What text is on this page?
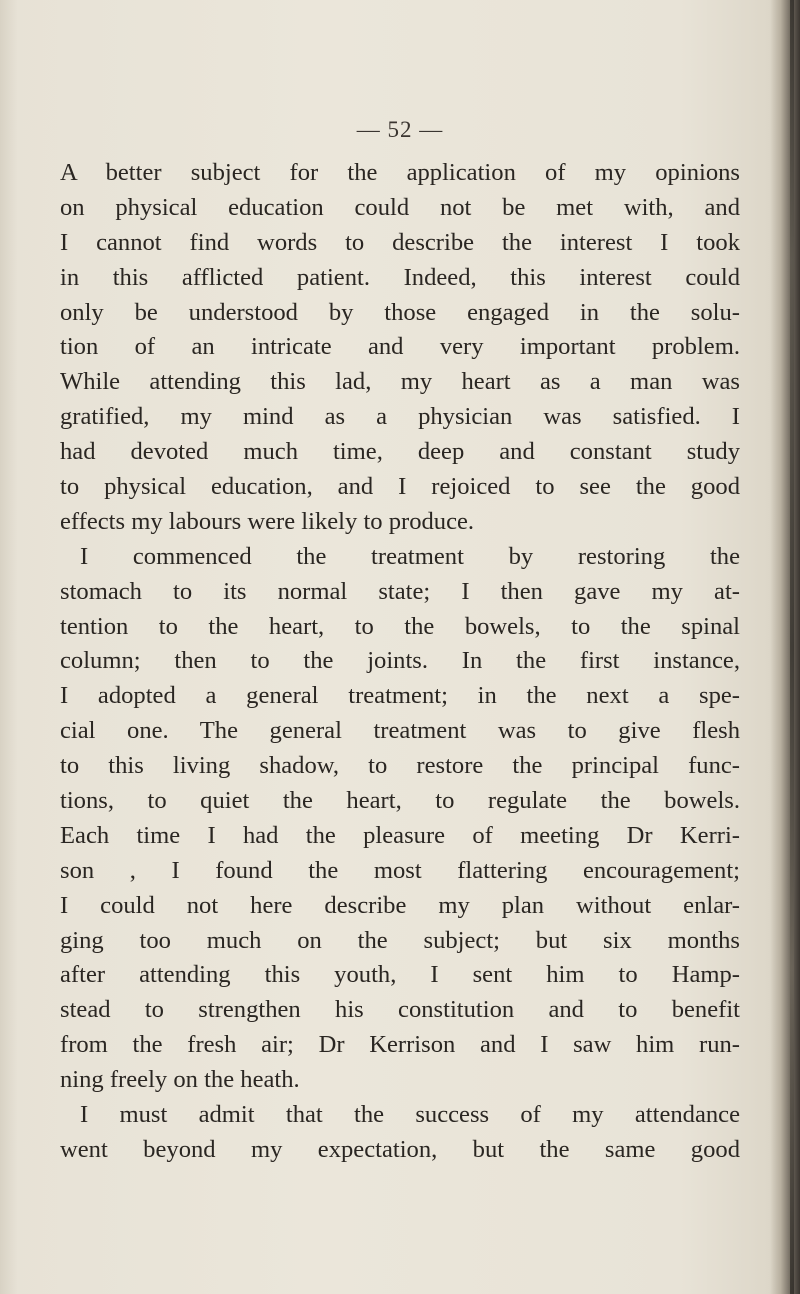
— 52 —
A better subject for the application of my opinions
on physical education could not be met with, and
I cannot find words to describe the interest I took
in this afflicted patient. Indeed, this interest could
only be understood by those engaged in the solu-
tion of an intricate and very important problem.
While attending this lad, my heart as a man was
gratified, my mind as a physician was satisfied. I
had devoted much time, deep and constant study
to physical education, and I rejoiced to see the good
effects my labours were likely to produce.
I commenced the treatment by restoring the
stomach to its normal state; I then gave my at-
tention to the heart, to the bowels, to the spinal
column; then to the joints. In the first instance,
I adopted a general treatment; in the next a spe-
cial one. The general treatment was to give flesh
to this living shadow, to restore the principal func-
tions, to quiet the heart, to regulate the bowels.
Each time I had the pleasure of meeting Dr Kerri-
son , I found the most flattering encouragement;
I could not here describe my plan without enlar-
ging too much on the subject; but six months
after attending this youth, I sent him to Hamp-
stead to strengthen his constitution and to benefit
from the fresh air; Dr Kerrison and I saw him run-
ning freely on the heath.
I must admit that the success of my attendance
went beyond my expectation, but the same good
